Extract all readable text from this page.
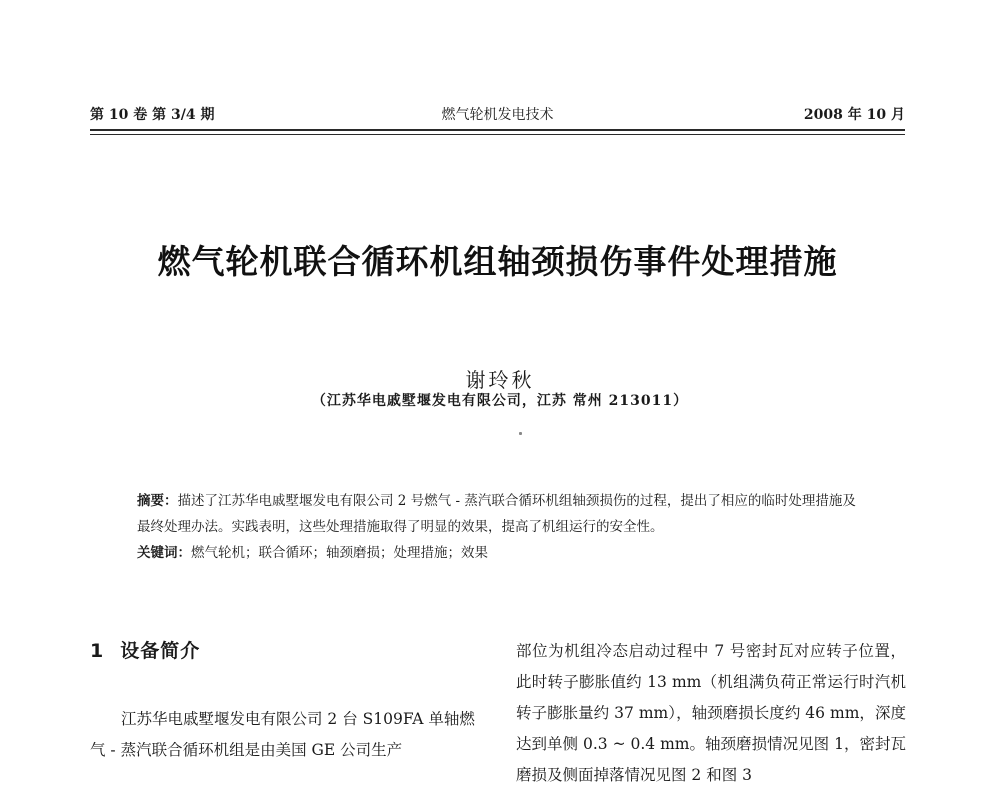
第 10 卷 第 3/4 期	燃气轮机发电技术	2008 年 10 月
燃气轮机联合循环机组轴颈损伤事件处理措施
谢玲秋
（江苏华电戚墅堰发电有限公司，江苏 常州 213011）

摘要：描述了江苏华电戚墅堰发电有限公司 2 号燃气 - 蒸汽联合循环机组轴颈损伤的过程，提出了相应的临时处理措施及最终处理办法。实践表明，这些处理措施取得了明显的效果，提高了机组运行的安全性。

关键词：燃气轮机；联合循环；轴颈磨损；处理措施；效果

1 设备简介

江苏华电戚墅堰发电有限公司 2 台 S109FA 单轴燃气 - 蒸汽联合循环机组是由美国 GE 公司生产

部位为机组冷态启动过程中 7 号密封瓦对应转子位置，此时转子膨胀值约 13 mm（机组满负荷正常运行时汽机转子膨胀量约 37 mm），轴颈磨损长度约 46 mm，深度达到单侧 0.3 ~ 0.4 mm。轴颈磨损情况见图 1，密封瓦磨损及侧面掉落情况见图 2 和图 3
